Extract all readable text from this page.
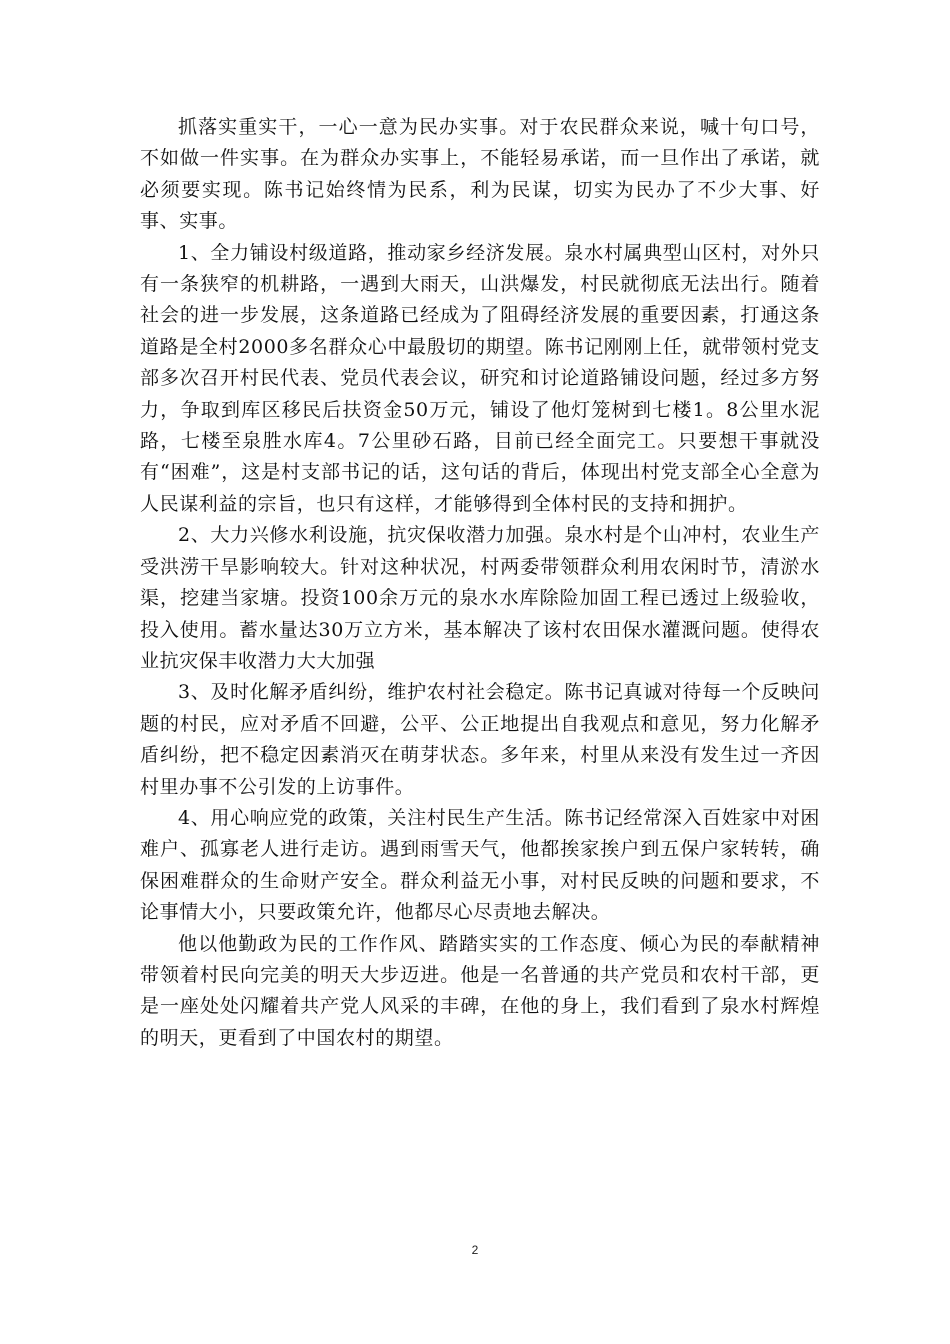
抓落实重实干，一心一意为民办实事。对于农民群众来说，喊十句口号，不如做一件实事。在为群众办实事上，不能轻易承诺，而一旦作出了承诺，就必须要实现。陈书记始终情为民系，利为民谋，切实为民办了不少大事、好事、实事。

1、全力铺设村级道路，推动家乡经济发展。泉水村属典型山区村，对外只有一条狭窄的机耕路，一遇到大雨天，山洪爆发，村民就彻底无法出行。随着社会的进一步发展，这条道路已经成为了阻碍经济发展的重要因素，打通这条道路是全村2000多名群众心中最殷切的期望。陈书记刚刚上任，就带领村党支部多次召开村民代表、党员代表会议，研究和讨论道路铺设问题，经过多方努力，争取到库区移民后扶资金50万元，铺设了他灯笼树到七楼1。8公里水泥路，七楼至泉胜水库4。7公里砂石路，目前已经全面完工。只要想干事就没有“困难”，这是村支部书记的话，这句话的背后，体现出村党支部全心全意为人民谋利益的宗旨，也只有这样，才能够得到全体村民的支持和拥护。

2、大力兴修水利设施，抗灾保收潜力加强。泉水村是个山冲村，农业生产受洪涝干旱影响较大。针对这种状况，村两委带领群众利用农闲时节，清淤水渠，挖建当家塘。投资100余万元的泉水水库除险加固工程已透过上级验收，投入使用。蓄水量达30万立方米，基本解决了该村农田保水灌溉问题。使得农业抗灾保丰收潜力大大加强

3、及时化解矛盾纠纷，维护农村社会稳定。陈书记真诚对待每一个反映问题的村民，应对矛盾不回避，公平、公正地提出自我观点和意见，努力化解矛盾纠纷，把不稳定因素消灭在萌芽状态。多年来，村里从来没有发生过一齐因村里办事不公引发的上访事件。

4、用心响应党的政策，关注村民生产生活。陈书记经常深入百姓家中对困难户、孤寡老人进行走访。遇到雨雪天气，他都挨家挨户到五保户家转转，确保困难群众的生命财产安全。群众利益无小事，对村民反映的问题和要求，不论事情大小，只要政策允许，他都尽心尽责地去解决。

他以他勤政为民的工作作风、踏踏实实的工作态度、倾心为民的奉献精神带领着村民向完美的明天大步迈进。他是一名普通的共产党员和农村干部，更是一座处处闪耀着共产党人风采的丰碑，在他的身上，我们看到了泉水村辉煌的明天，更看到了中国农村的期望。

2
